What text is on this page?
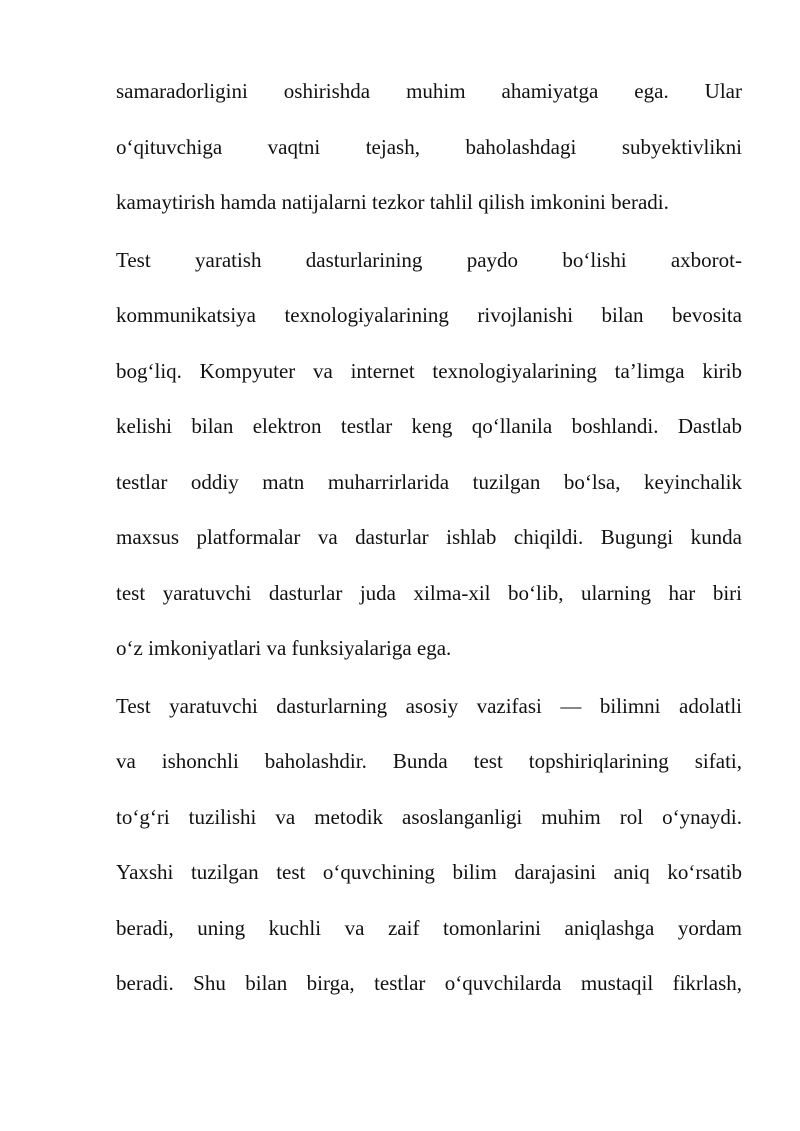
samaradorligini oshirishda muhim ahamiyatga ega. Ular
o‘qituvchiga vaqtni tejash, baholashdagi subyektivlikni
kamaytirish hamda natijalarni tezkor tahlil qilish imkonini beradi.
Test yaratish dasturlarining paydo bo‘lishi axborot-
kommunikatsiya texnologiyalarining rivojlanishi bilan bevosita
bog‘liq. Kompyuter va internet texnologiyalarining ta’limga kirib
kelishi bilan elektron testlar keng qo‘llanila boshlandi. Dastlab
testlar oddiy matn muharrirlarida tuzilgan bo‘lsa, keyinchalik
maxsus platformalar va dasturlar ishlab chiqildi. Bugungi kunda
test yaratuvchi dasturlar juda xilma-xil bo‘lib, ularning har biri
o‘z imkoniyatlari va funksiyalariga ega.
Test yaratuvchi dasturlarning asosiy vazifasi — bilimni adolatli
va ishonchli baholashdir. Bunda test topshiriqlarining sifati,
to‘g‘ri tuzilishi va metodik asoslanganligi muhim rol o‘ynaydi.
Yaxshi tuzilgan test o‘quvchining bilim darajasini aniq ko‘rsatib
beradi, uning kuchli va zaif tomonlarini aniqlashga yordam
beradi. Shu bilan birga, testlar o‘quvchilarda mustaqil fikrlash,
